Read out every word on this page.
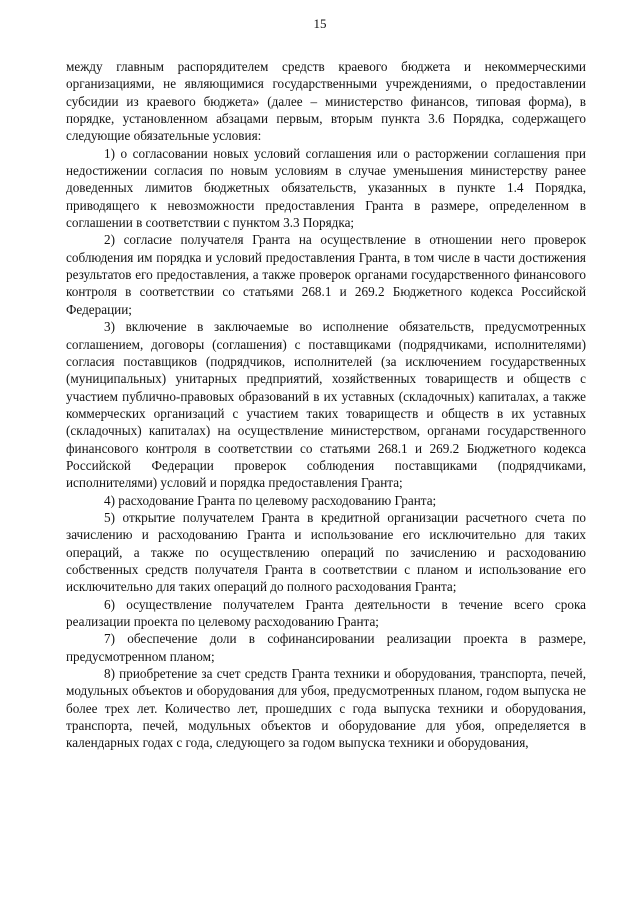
15

между главным распорядителем средств краевого бюджета и некоммерческими организациями, не являющимися государственными учреждениями, о предоставлении субсидии из краевого бюджета» (далее – министерство финансов, типовая форма), в порядке, установленном абзацами первым, вторым пункта 3.6 Порядка, содержащего следующие обязательные условия:

1) о согласовании новых условий соглашения или о расторжении соглашения при недостижении согласия по новым условиям в случае уменьшения министерству ранее доведенных лимитов бюджетных обязательств, указанных в пункте 1.4 Порядка, приводящего к невозможности предоставления Гранта в размере, определенном в соглашении в соответствии с пунктом 3.3 Порядка;

2) согласие получателя Гранта на осуществление в отношении него проверок соблюдения им порядка и условий предоставления Гранта, в том числе в части достижения результатов его предоставления, а также проверок органами государственного финансового контроля в соответствии со статьями 268.1 и 269.2 Бюджетного кодекса Российской Федерации;

3) включение в заключаемые во исполнение обязательств, предусмотренных соглашением, договоры (соглашения) с поставщиками (подрядчиками, исполнителями) согласия поставщиков (подрядчиков, исполнителей (за исключением государственных (муниципальных) унитарных предприятий, хозяйственных товариществ и обществ с участием публично-правовых образований в их уставных (складочных) капиталах, а также коммерческих организаций с участием таких товариществ и обществ в их уставных (складочных) капиталах) на осуществление министерством, органами государственного финансового контроля в соответствии со статьями 268.1 и 269.2 Бюджетного кодекса Российской Федерации проверок соблюдения поставщиками (подрядчиками, исполнителями) условий и порядка предоставления Гранта;

4) расходование Гранта по целевому расходованию Гранта;

5) открытие получателем Гранта в кредитной организации расчетного счета по зачислению и расходованию Гранта и использование его исключительно для таких операций, а также по осуществлению операций по зачислению и расходованию собственных средств получателя Гранта в соответствии с планом и использование его исключительно для таких операций до полного расходования Гранта;

6) осуществление получателем Гранта деятельности в течение всего срока реализации проекта по целевому расходованию Гранта;

7) обеспечение доли в софинансировании реализации проекта в размере, предусмотренном планом;

8) приобретение за счет средств Гранта техники и оборудования, транспорта, печей, модульных объектов и оборудования для убоя, предусмотренных планом, годом выпуска не более трех лет. Количество лет, прошедших с года выпуска техники и оборудования, транспорта, печей, модульных объектов и оборудование для убоя, определяется в календарных годах с года, следующего за годом выпуска техники и оборудования,
